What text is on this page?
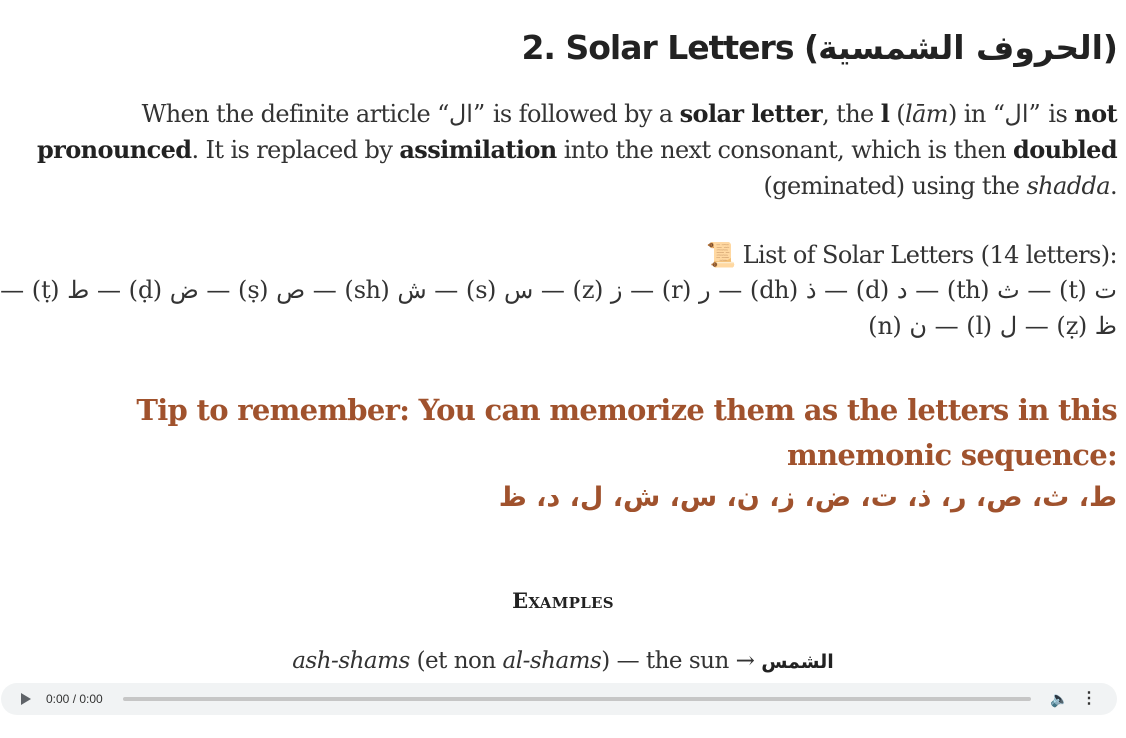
2. Solar Letters (الحروف الشمسية)
When the definite article “ال” is followed by a solar letter, the l (lām) in “ال” is not pronounced. It is replaced by assimilation into the next consonant, which is then doubled (geminated) using the shadda.
📜 List of Solar Letters (14 letters):
ت (t) — ث (th) — د (d) — ذ (dh) — ر (r) — ز (z) — س (s) — ش (sh) — ص (ṣ) — ض (ḍ) — ط (ṭ) — ظ (ẓ) — ل (l) — ن (n)
Tip to remember: You can memorize them as the letters in this mnemonic sequence:
ط، ث، ص، ر، ذ، ت، ض، ز، ن، س، ش، ل، د، ظ
Examples
ash-shams (et non al-shams) — the sun → الشمس
0:00 / 0:00	🔈 ⋮
